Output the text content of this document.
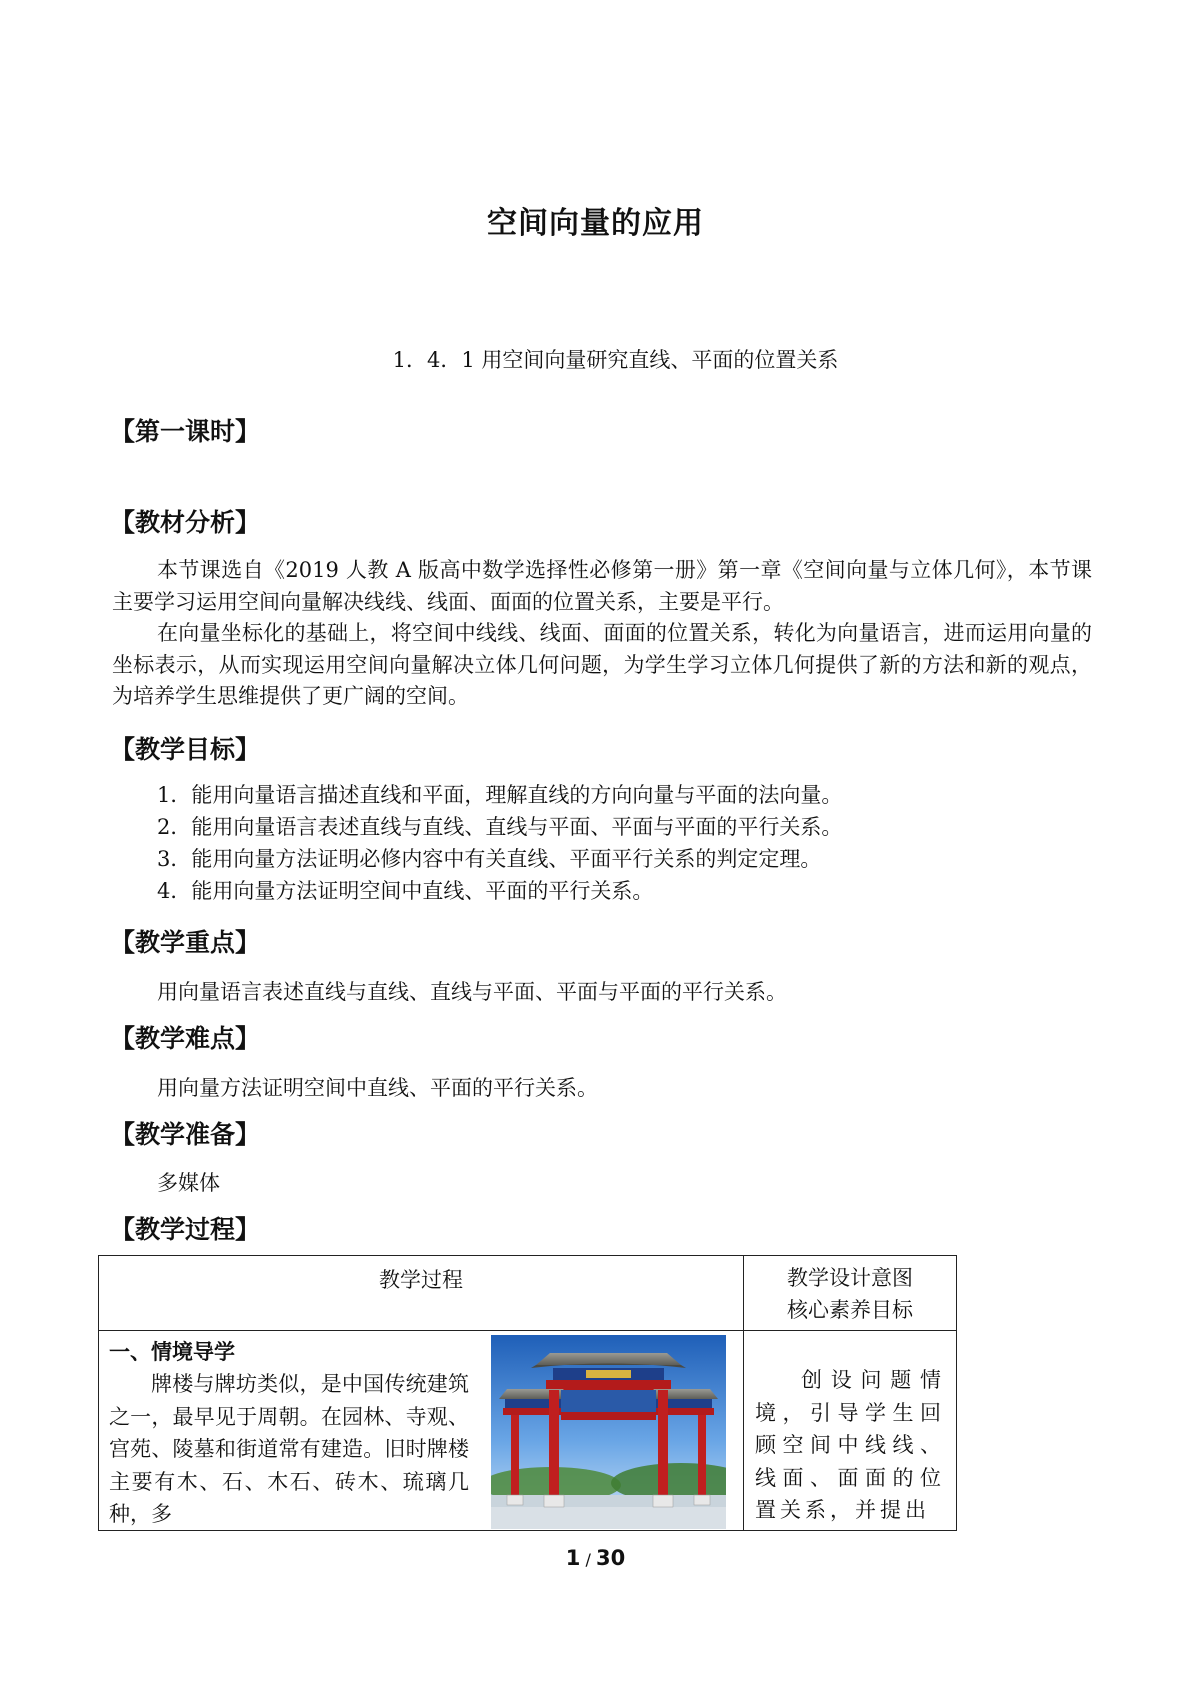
空间向量的应用
1．4．1 用空间向量研究直线、平面的位置关系
【第一课时】
【教材分析】

本节课选自《2019 人教 A 版高中数学选择性必修第一册》第一章《空间向量与立体几何》，本节课主要学习运用空间向量解决线线、线面、面面的位置关系，主要是平行。

在向量坐标化的基础上，将空间中线线、线面、面面的位置关系，转化为向量语言，进而运用向量的坐标表示，从而实现运用空间向量解决立体几何问题，为学生学习立体几何提供了新的方法和新的观点，为培养学生思维提供了更广阔的空间。

【教学目标】
1．能用向量语言描述直线和平面，理解直线的方向向量与平面的法向量。
2．能用向量语言表述直线与直线、直线与平面、平面与平面的平行关系。
3．能用向量方法证明必修内容中有关直线、平面平行关系的判定定理。
4．能用向量方法证明空间中直线、平面的平行关系。
【教学重点】
用向量语言表述直线与直线、直线与平面、平面与平面的平行关系。
【教学难点】
用向量方法证明空间中直线、平面的平行关系。
【教学准备】
多媒体
【教学过程】
教学过程	教学设计意图
核心素养目标
一、情境导学

牌楼与牌坊类似，是中国传统建筑之一，最早见于周朝。在园林、寺观、宫苑、陵墓和街道常有建造。旧时牌楼主要有木、石、木石、砖木、琉璃几种，多

创设问题情境，引导学生回顾空间中线线、线面、面面的位置关系，并提出

1 / 30
